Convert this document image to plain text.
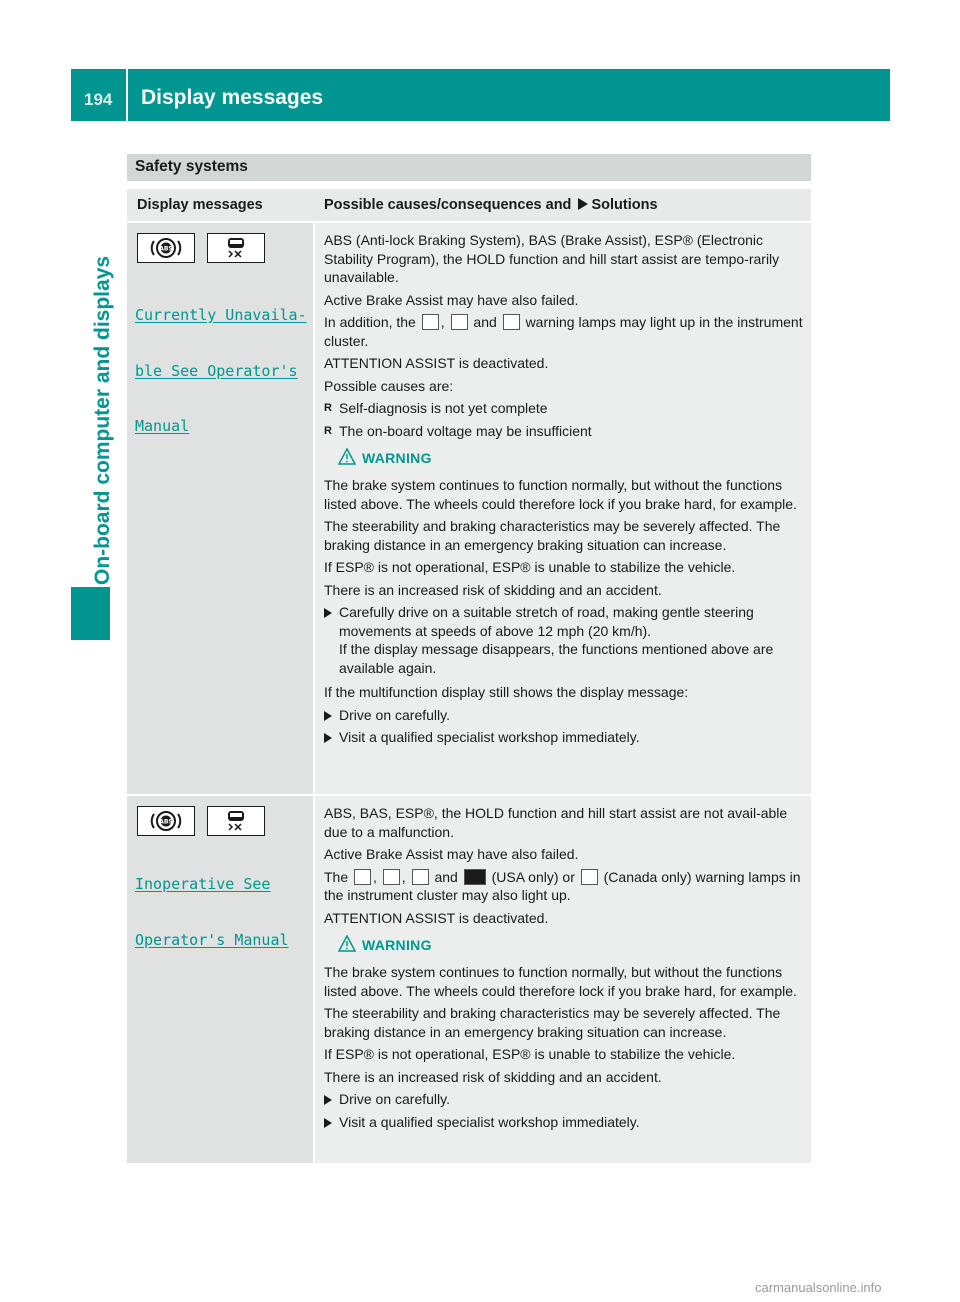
194 Display messages
On-board computer and displays
Safety systems
Display messages	Possible causes/consequences and Solutions
ABS

Currently Unavaila‐

ble See Operator's

Manual

ABS (Anti-lock Braking System), BAS (Brake Assist), ESP® (Electronic Stability Program), the HOLD function and hill start assist are tempo-rarily unavailable.

Active Brake Assist may have also failed.

In addition, the , and warning lamps may light up in the instrument cluster.

ATTENTION ASSIST is deactivated.

Possible causes are:

R Self-diagnosis is not yet complete
R The on-board voltage may be insufficient
WARNING

The brake system continues to function normally, but without the functions listed above. The wheels could therefore lock if you brake hard, for example.

The steerability and braking characteristics may be severely affected. The braking distance in an emergency braking situation can increase.

If ESP® is not operational, ESP® is unable to stabilize the vehicle.

There is an increased risk of skidding and an accident.

Carefully drive on a suitable stretch of road, making gentle steering movements at speeds of above 12 mph (20 km/h).
If the display message disappears, the functions mentioned above are available again.

If the multifunction display still shows the display message:

Drive on carefully.
Visit a qualified specialist workshop immediately.
ABS

Inoperative See

Operator's Manual

ABS, BAS, ESP®, the HOLD function and hill start assist are not avail-able due to a malfunction.

Active Brake Assist may have also failed.

The , , and (USA only) or (Canada only) warning lamps in the instrument cluster may also light up.

ATTENTION ASSIST is deactivated.

WARNING

The brake system continues to function normally, but without the functions listed above. The wheels could therefore lock if you brake hard, for example.

The steerability and braking characteristics may be severely affected. The braking distance in an emergency braking situation can increase.

If ESP® is not operational, ESP® is unable to stabilize the vehicle.

There is an increased risk of skidding and an accident.

Drive on carefully.
Visit a qualified specialist workshop immediately.
carmanualsonline.info
